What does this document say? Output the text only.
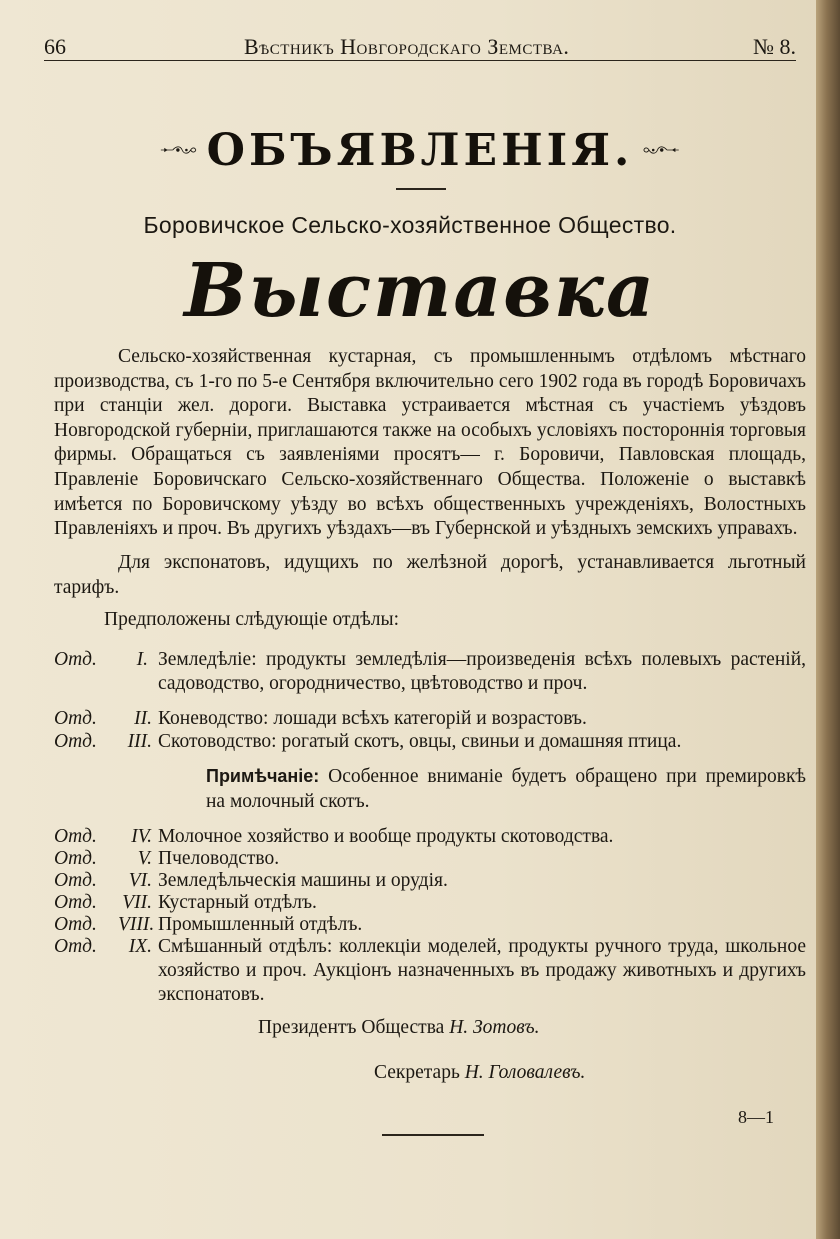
66	Вѣстникъ Новгородскаго Земства.	№ 8.
ОБЪЯВЛЕНІЯ.
Боровичское Сельско-хозяйственное Общество.
Выставка
Сельско-хозяйственная кустарная, съ промышленнымъ отдѣломъ мѣстнаго производства, съ 1-го по 5-е Сентября включительно сего 1902 года въ городѣ Боровичахъ при станціи жел. дороги. Выставка устраивается мѣстная съ участіемъ уѣздовъ Новгородской губерніи, приглашаются также на особыхъ условіяхъ постороннія торговыя фирмы. Обращаться съ заявленіями просятъ— г. Боровичи, Павловская площадь, Правленіе Боровичскаго Сельско-хозяйственнаго Общества. Положеніе о выставкѣ имѣется по Боровичскому уѣзду во всѣхъ общественныхъ учрежденіяхъ, Волостныхъ Правленіяхъ и проч. Въ другихъ уѣздахъ—въ Губернской и уѣздныхъ земскихъ управахъ.
Для экспонатовъ, идущихъ по желѣзной дорогѣ, устанавливается льготный тарифъ.
Предположены слѣдующіе отдѣлы:
Отд.	I. Земледѣліе: продукты земледѣлія—произведенія всѣхъ полевыхъ растеній, садоводство, огородничество, цвѣтоводство и проч.
Отд.	II. Коневодство: лошади всѣхъ категорій и возрастовъ.
Отд.	III. Скотоводство: рогатый скотъ, овцы, свиньи и домашняя птица.
Примѣчаніе: Особенное вниманіе будетъ обращено при премировкѣ на молочный скотъ.
Отд.	IV. Молочное хозяйство и вообще продукты скотоводства.
Отд.	V. Пчеловодство.
Отд.	VI. Земледѣльческія машины и орудія.
Отд.	VII. Кустарный отдѣлъ.
Отд.	VIII. Промышленный отдѣлъ.
Отд.	IX. Смѣшанный отдѣлъ: коллекціи моделей, продукты ручного труда, школьное хозяйство и проч. Аукціонъ назначенныхъ въ продажу животныхъ и другихъ экспонатовъ.
Президентъ Общества Н. Зотовъ.
Секретарь Н. Головалевъ.
8—1
